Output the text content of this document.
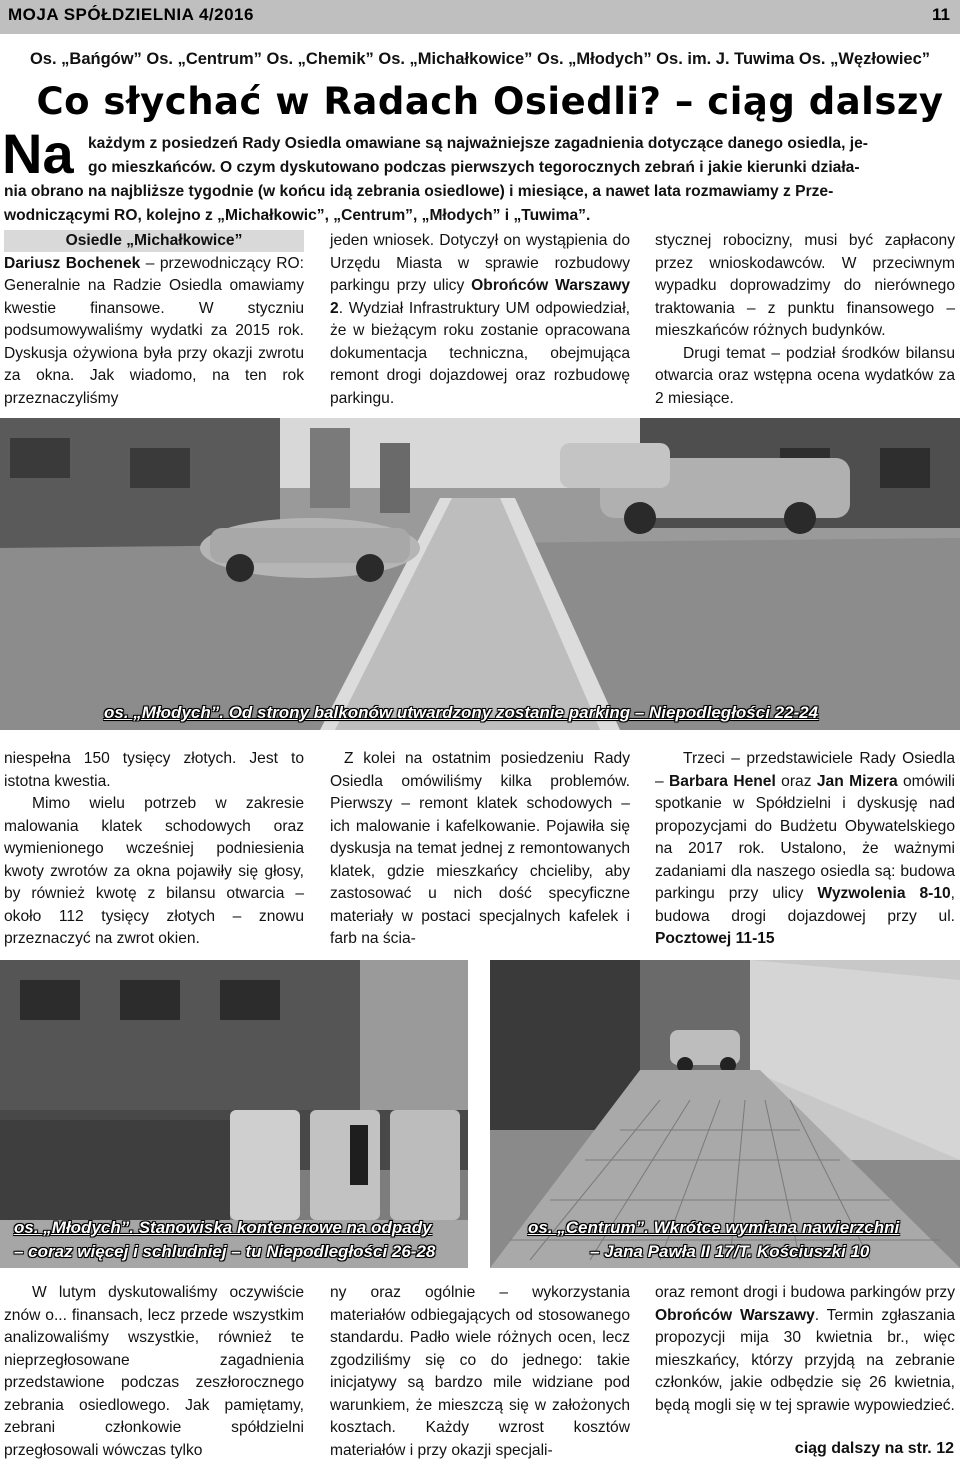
MOJA SPÓŁDZIELNIA 4/2016	11
Os. „Bańgów” Os. „Centrum” Os. „Chemik” Os. „Michałkowice” Os. „Młodych” Os. im. J. Tuwima Os. „Węzłowiec”
Co słychać w Radach Osiedli? – ciąg dalszy
Na każdym z posiedzeń Rady Osiedla omawiane są najważniejsze zagadnienia dotyczące danego osiedla, je-
go mieszkańców. O czym dyskutowano podczas pierwszych tegorocznych zebrań i jakie kierunki działa-
nia obrano na najbliższe tygodnie (w końcu idą zebrania osiedlowe) i miesiące, a nawet lata rozmawiamy z Prze-
wodniczącymi RO, kolejno z „Michałkowic”, „Centrum”, „Młodych” i „Tuwima”.
Osiedle „Michałkowice”
Dariusz Bochenek – przewodniczący RO: Generalnie na Radzie Osiedla omawiamy kwestie finansowe. W styczniu podsumowywaliśmy wydatki za 2015 rok. Dyskusja ożywiona była przy okazji zwrotu za okna. Jak wiadomo, na ten rok przeznaczyliśmy
jeden wniosek. Dotyczył on wystąpienia do Urzędu Miasta w sprawie rozbudowy parkingu przy ulicy Obrońców Warszawy 2. Wydział Infrastruktury UM odpowiedział, że w bieżącym roku zostanie opracowana dokumentacja techniczna, obejmująca remont drogi dojazdowej oraz rozbudowę parkingu.
stycznej robocizny, musi być zapłacony przez wnioskodawców. W przeciwnym wypadku doprowadzimy do nierównego traktowania – z punktu finansowego – mieszkańców różnych budynków.
Drugi temat – podział środków bilansu otwarcia oraz wstępna ocena wydatków za 2 miesiące.
os. „Młodych”. Od strony balkonów utwardzony zostanie parking – Niepodległości 22-24
niespełna 150 tysięcy złotych. Jest to istotna kwestia.
Mimo wielu potrzeb w zakresie malowania klatek schodowych oraz wymienionego wcześniej podniesienia kwoty zwrotów za okna pojawiły się głosy, by również kwotę z bilansu otwarcia – około 112 tysięcy złotych – znowu przeznaczyć na zwrot okien.
Z kolei na ostatnim posiedzeniu Rady Osiedla omówiliśmy kilka problemów. Pierwszy – remont klatek schodowych – ich malowanie i kafelkowanie. Pojawiła się dyskusja na temat jednej z remontowanych klatek, gdzie mieszkańcy chcieliby, aby zastosować u nich dość specyficzne materiały w postaci specjalnych kafelek i farb na ścia-
Trzeci – przedstawiciele Rady Osiedla – Barbara Henel oraz Jan Mizera omówili spotkanie w Spółdzielni i dyskusję nad propozycjami do Budżetu Obywatelskiego na 2017 rok. Ustalono, że ważnymi zadaniami dla naszego osiedla są: budowa parkingu przy ulicy Wyzwolenia 8-10, budowa drogi dojazdowej przy ul. Pocztowej 11-15
os. „Młodych”. Stanowiska kontenerowe na odpady
– coraz więcej i schludniej – tu Niepodległości 26-28
os. „Centrum”. Wkrótce wymiana nawierzchni
– Jana Pawła II 17/T. Kościuszki 10
W lutym dyskutowaliśmy oczywiście znów o... finansach, lecz przede wszystkim analizowaliśmy wszystkie, również te nieprzegłosowane zagadnienia przedstawione podczas zeszłorocznego zebrania osiedlowego. Jak pamiętamy, zebrani członkowie spółdzielni przegłosowali wówczas tylko
ny oraz ogólnie – wykorzystania materiałów odbiegających od stosowanego standardu. Padło wiele różnych ocen, lecz zgodziliśmy się co do jednego: takie inicjatywy są bardzo mile widziane pod warunkiem, że mieszczą się w założonych kosztach. Każdy wzrost kosztów materiałów i przy okazji specjali-
oraz remont drogi i budowa parkingów przy Obrońców Warszawy. Termin zgłaszania propozycji mija 30 kwietnia br., więc mieszkańcy, którzy przyjdą na zebranie członków, jakie odbędzie się 26 kwietnia, będą mogli się w tej sprawie wypowiedzieć.
ciąg dalszy na str. 12
